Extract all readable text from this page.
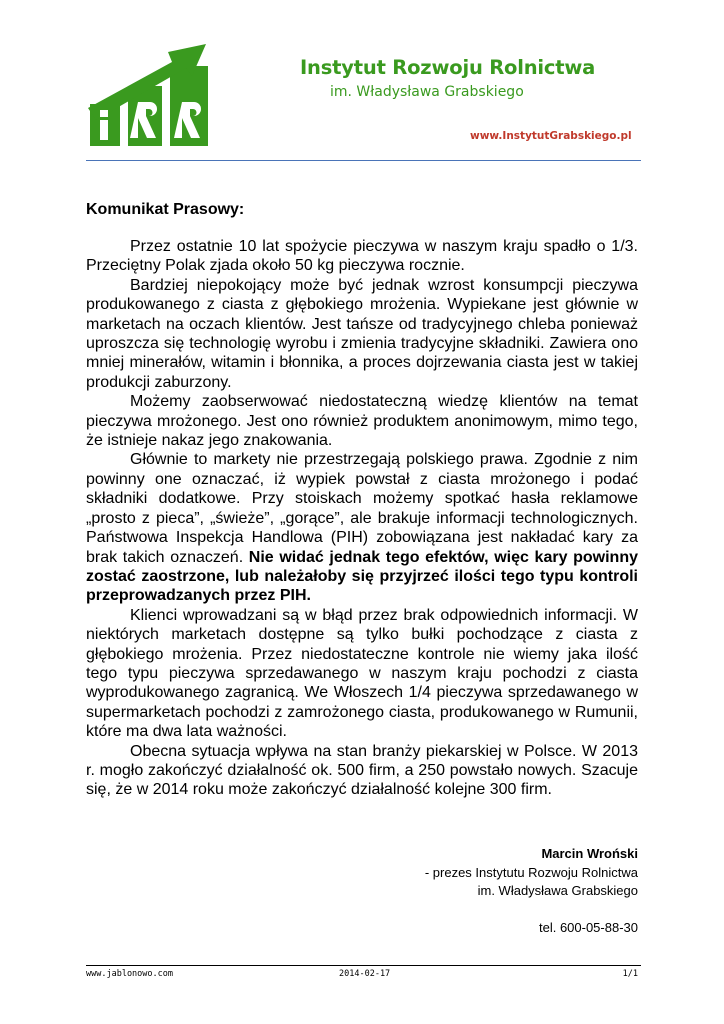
Instytut Rozwoju Rolnictwa
im. Władysława Grabskiego
www.InstytutGrabskiego.pl
Komunikat Prasowy:

Przez ostatnie 10 lat spożycie pieczywa w naszym kraju spadło o 1/3. Przeciętny Polak zjada około 50 kg pieczywa rocznie.

Bardziej niepokojący może być jednak wzrost konsumpcji pieczywa produkowanego z ciasta z głębokiego mrożenia. Wypiekane jest głównie w marketach na oczach klientów. Jest tańsze od tradycyjnego chleba ponieważ uproszcza się technologię wyrobu i zmienia tradycyjne składniki. Zawiera ono mniej minerałów, witamin i błonnika, a proces dojrzewania ciasta jest w takiej produkcji zaburzony.

Możemy zaobserwować niedostateczną wiedzę klientów na temat pieczywa mrożonego. Jest ono również produktem anonimowym, mimo tego, że istnieje nakaz jego znakowania.

Głównie to markety nie przestrzegają polskiego prawa. Zgodnie z nim powinny one oznaczać, iż wypiek powstał z ciasta mrożonego i podać składniki dodatkowe. Przy stoiskach możemy spotkać hasła reklamowe „prosto z pieca”, „świeże”, „gorące”, ale brakuje informacji technologicznych. Państwowa Inspekcja Handlowa (PIH) zobowiązana jest nakładać kary za brak takich oznaczeń. Nie widać jednak tego efektów, więc kary powinny zostać zaostrzone, lub należałoby się przyjrzeć ilości tego typu kontroli przeprowadzanych przez PIH.

Klienci wprowadzani są w błąd przez brak odpowiednich informacji. W niektórych marketach dostępne są tylko bułki pochodzące z ciasta z głębokiego mrożenia. Przez niedostateczne kontrole nie wiemy jaka ilość tego typu pieczywa sprzedawanego w naszym kraju pochodzi z ciasta wyprodukowanego zagranicą. We Włoszech 1/4 pieczywa sprzedawanego w supermarketach pochodzi z zamrożonego ciasta, produkowanego w Rumunii, które ma dwa lata ważności.

Obecna sytuacja wpływa na stan branży piekarskiej w Polsce. W 2013 r. mogło zakończyć działalność ok. 500 firm, a 250 powstało nowych. Szacuje się, że w 2014 roku może zakończyć działalność kolejne 300 firm.

Marcin Wroński
- prezes Instytutu Rozwoju Rolnictwa
im. Władysława Grabskiego
tel. 600-05-88-30
www.jablonowo.com	2014-02-17	1/1
